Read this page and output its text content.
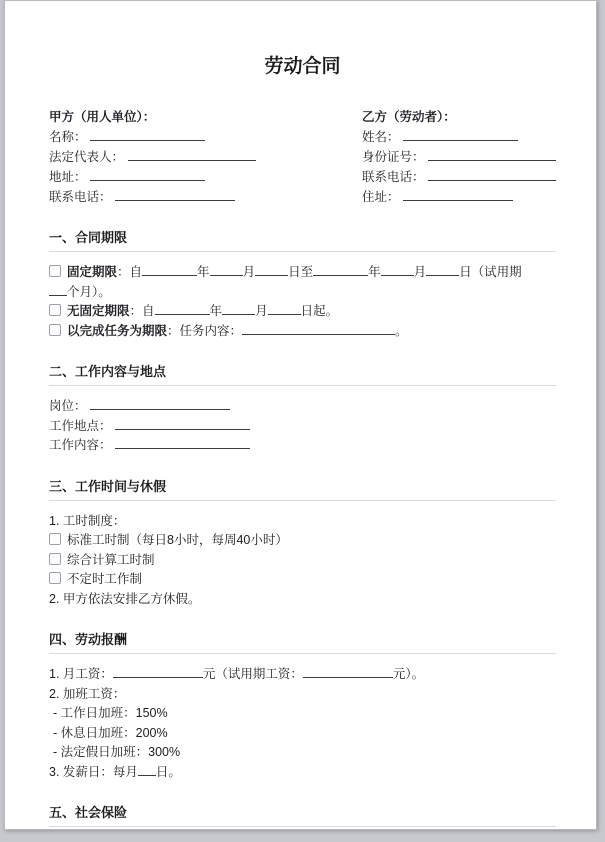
劳动合同
甲方（用人单位）：
名称：
法定代表人：
地址：
联系电话：
乙方（劳动者）：
姓名：
身份证号：
联系电话：
住址：
一、合同期限
固定期限：自	年	月	日至	年	月	日（试用期
个月）。
无固定期限：自	年	月	日起。
以完成任务为期限：任务内容：	。
二、工作内容与地点
岗位：
工作地点：
工作内容：
三、工作时间与休假
1. 工时制度：
标准工时制（每日8小时，每周40小时）
综合计算工时制
不定时工作制
2. 甲方依法安排乙方休假。
四、劳动报酬
1. 月工资：	元（试用期工资：	元）。
2. 加班工资：
- 工作日加班：150%
- 休息日加班：200%
- 法定假日加班：300%
3. 发薪日：每月 日。
五、社会保险
